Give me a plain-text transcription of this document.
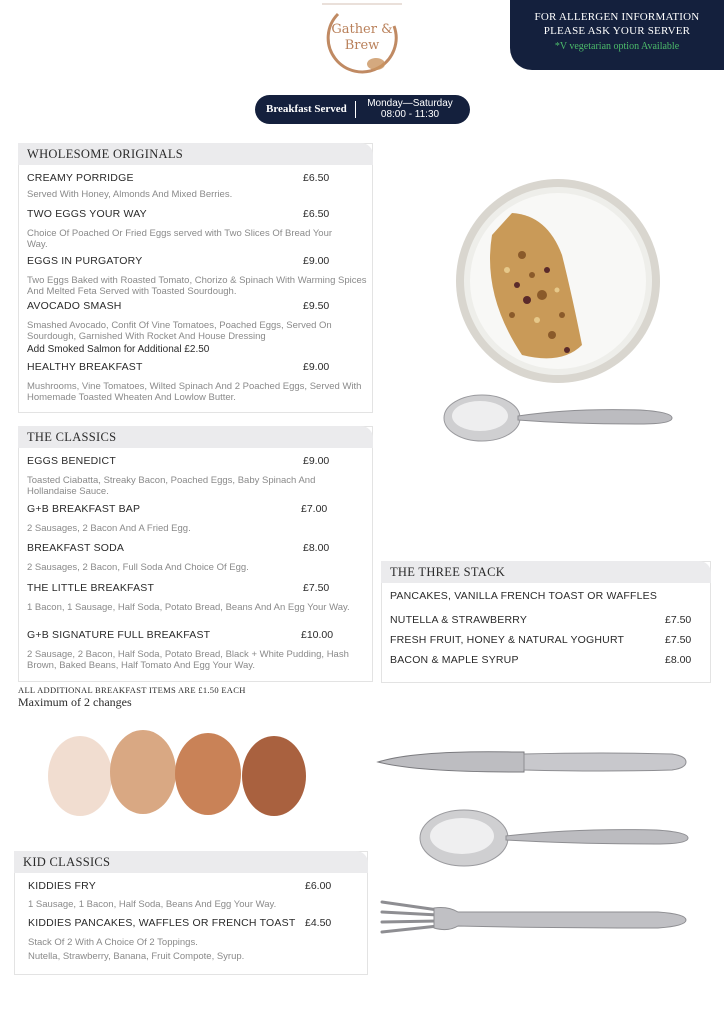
Gather & Brew
FOR ALLERGEN INFORMATION
PLEASE ASK YOUR SERVER
*V vegetarian option Available
Breakfast Served	Monday—Saturday
08:00 - 11:30
WHOLESOME ORIGINALS
CREAMY PORRIDGE	£6.50
Served With Honey, Almonds And Mixed Berries.
TWO EGGS YOUR WAY	£6.50
Choice Of Poached Or Fried Eggs served with Two Slices Of Bread Your Way.
EGGS IN PURGATORY	£9.00
Two Eggs Baked with Roasted Tomato, Chorizo & Spinach With Warming Spices And Melted Feta Served with Toasted Sourdough.
AVOCADO SMASH	£9.50
Smashed Avocado, Confit Of Vine Tomatoes, Poached Eggs, Served On Sourdough, Garnished With Rocket And House Dressing
Add Smoked Salmon for Additional £2.50
HEALTHY BREAKFAST	£9.00
Mushrooms, Vine Tomatoes, Wilted Spinach And 2 Poached Eggs, Served With Homemade Toasted Wheaten And Lowlow Butter.
THE CLASSICS
EGGS BENEDICT	£9.00
Toasted Ciabatta, Streaky Bacon, Poached Eggs, Baby Spinach And Hollandaise Sauce.
G+B BREAKFAST BAP	£7.00
2 Sausages, 2 Bacon And A Fried Egg.
BREAKFAST SODA	£8.00
2 Sausages, 2 Bacon, Full Soda And Choice Of Egg.
THE LITTLE BREAKFAST	£7.50
1 Bacon, 1 Sausage, Half Soda, Potato Bread, Beans And An Egg Your Way.
G+B SIGNATURE FULL BREAKFAST	£10.00
2 Sausage, 2 Bacon, Half Soda, Potato Bread, Black + White Pudding, Hash Brown, Baked Beans, Half Tomato And Egg Your Way.
ALL ADDITIONAL BREAKFAST ITEMS ARE £1.50 EACH
Maximum of 2 changes
THE THREE STACK
PANCAKES, VANILLA FRENCH TOAST OR WAFFLES
NUTELLA & STRAWBERRY	£7.50
FRESH FRUIT, HONEY & NATURAL YOGHURT	£7.50
BACON & MAPLE SYRUP	£8.00
KID CLASSICS
KIDDIES FRY	£6.00
1 Sausage, 1 Bacon, Half Soda, Beans And Egg Your Way.
KIDDIES PANCAKES, WAFFLES OR FRENCH TOAST £4.50
Stack Of 2 With A Choice Of 2 Toppings.
Nutella, Strawberry, Banana, Fruit Compote, Syrup.
